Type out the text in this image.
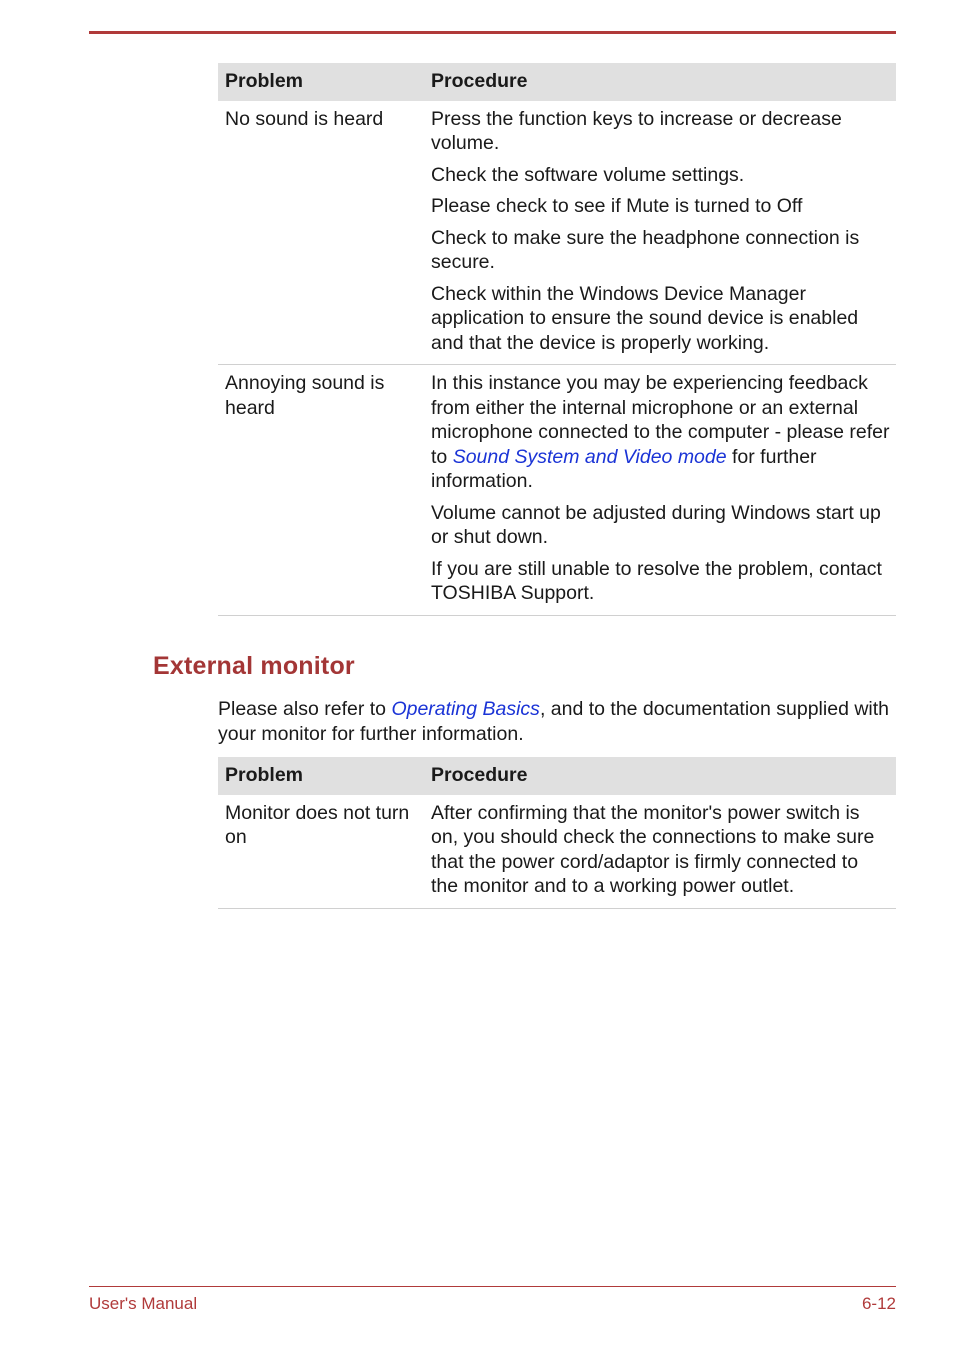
Problem	Procedure
No sound is heard	Press the function keys to increase or decrease volume.

Check the software volume settings.

Please check to see if Mute is turned to Off

Check to make sure the headphone connection is secure.

Check within the Windows Device Manager application to ensure the sound device is enabled and that the device is properly working.

Annoying sound is heard	In this instance you may be experiencing feedback from either the internal microphone or an external microphone connected to the computer - please refer to Sound System and Video mode for further information.

Volume cannot be adjusted during Windows start up or shut down.

If you are still unable to resolve the problem, contact TOSHIBA Support.

External monitor

Please also refer to Operating Basics, and to the documentation supplied with your monitor for further information.

Problem	Procedure
Monitor does not turn on	After confirming that the monitor's power switch is on, you should check the connections to make sure that the power cord/adaptor is firmly connected to the monitor and to a working power outlet.

User's Manual	6-12
